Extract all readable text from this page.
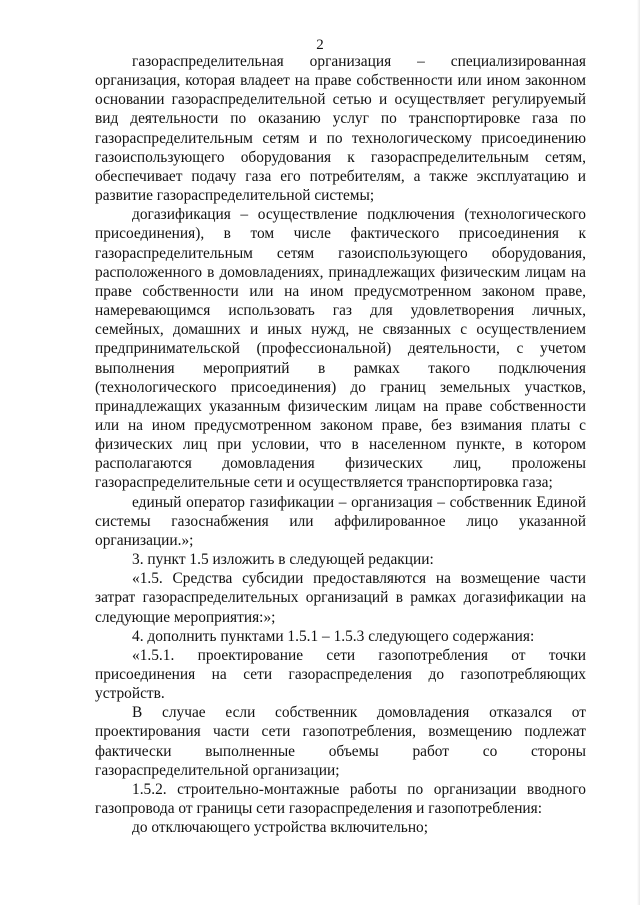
2

газораспределительная организация – специализированная организация, которая владеет на праве собственности или ином законном основании газораспределительной сетью и осуществляет регулируемый вид деятельности по оказанию услуг по транспортировке газа по газораспределительным сетям и по технологическому присоединению газоиспользующего оборудования к газораспределительным сетям, обеспечивает подачу газа его потребителям, а также эксплуатацию и развитие газораспределительной системы;

догазификация – осуществление подключения (технологического присоединения), в том числе фактического присоединения к газораспределительным сетям газоиспользующего оборудования, расположенного в домовладениях, принадлежащих физическим лицам на праве собственности или на ином предусмотренном законом праве, намеревающимся использовать газ для удовлетворения личных, семейных, домашних и иных нужд, не связанных с осуществлением предпринимательской (профессиональной) деятельности, с учетом выполнения мероприятий в рамках такого подключения (технологического присоединения) до границ земельных участков, принадлежащих указанным физическим лицам на праве собственности или на ином предусмотренном законом праве, без взимания платы с физических лиц при условии, что в населенном пункте, в котором располагаются домовладения физических лиц, проложены газораспределительные сети и осуществляется транспортировка газа;

единый оператор газификации – организация – собственник Единой системы газоснабжения или аффилированное лицо указанной организации.»;

3. пункт 1.5 изложить в следующей редакции:

«1.5. Средства субсидии предоставляются на возмещение части затрат газораспределительных организаций в рамках догазификации на следующие мероприятия:»;

4. дополнить пунктами 1.5.1 – 1.5.3 следующего содержания:

«1.5.1. проектирование сети газопотребления от точки присоединения на сети газораспределения до газопотребляющих устройств.

В случае если собственник домовладения отказался от проектирования части сети газопотребления, возмещению подлежат фактически выполненные объемы работ со стороны газораспределительной организации;

1.5.2. строительно-монтажные работы по организации вводного газопровода от границы сети газораспределения и газопотребления:

до отключающего устройства включительно;
